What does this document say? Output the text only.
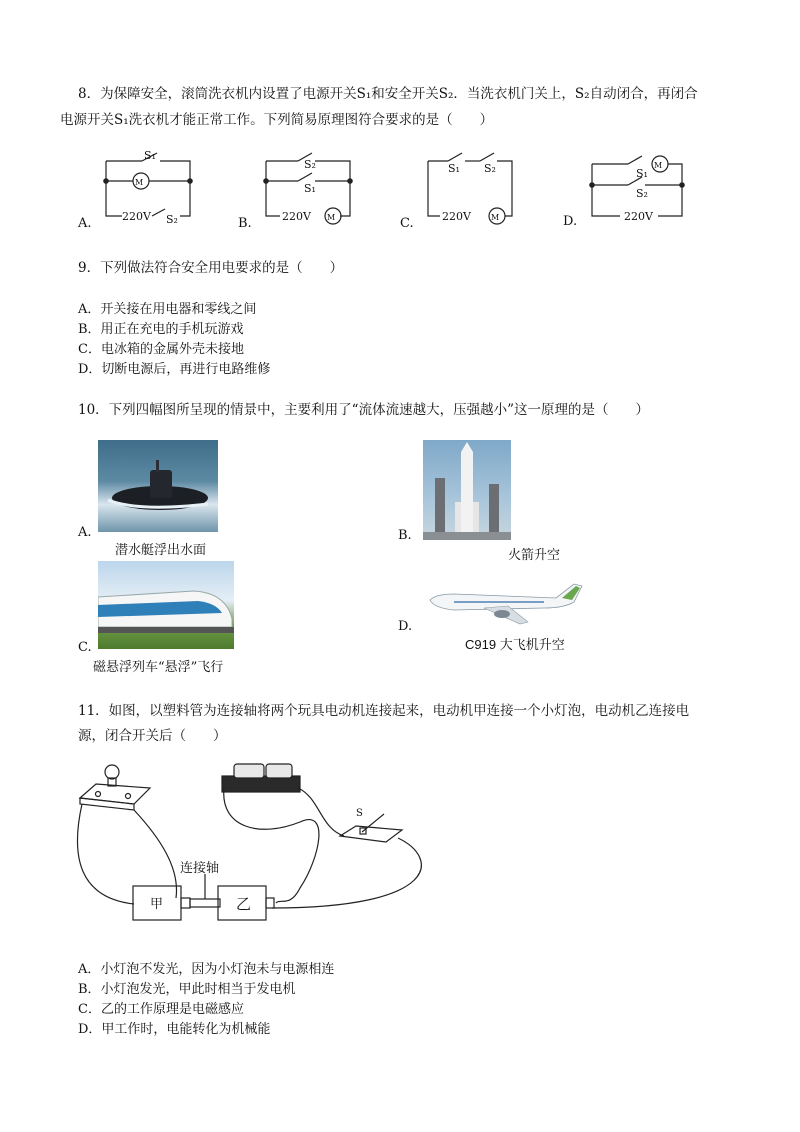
8．为保障安全，滚筒洗衣机内设置了电源开关S₁和安全开关S₂．当洗衣机门关上，S₂自动闭合，再闭合
电源开关S₁洗衣机才能正常工作。下列简易原理图符合要求的是（　　）
S₁
M
220V S₂
S₂
S₁
220V M
S₁ S₂
220V	M
M
S₁
S₂
220V
A.	B.	C.	D.
9．下列做法符合安全用电要求的是（　　）
A．开关接在用电器和零线之间
B．用正在充电的手机玩游戏
C．电冰箱的金属外壳未接地
D．切断电源后，再进行电路维修
10．下列四幅图所呈现的情景中，主要利用了“流体流速越大，压强越小”这一原理的是（　　）
A.
潜水艇浮出水面
B.
火箭升空
C.
磁悬浮列车“悬浮”飞行
D.
C919 大飞机升空
11．如图，以塑料管为连接轴将两个玩具电动机连接起来，电动机甲连接一个小灯泡，电动机乙连接电
源，闭合开关后（　　）
甲	乙
连接轴
S
A．小灯泡不发光，因为小灯泡未与电源相连
B．小灯泡发光，甲此时相当于发电机
C．乙的工作原理是电磁感应
D．甲工作时，电能转化为机械能
